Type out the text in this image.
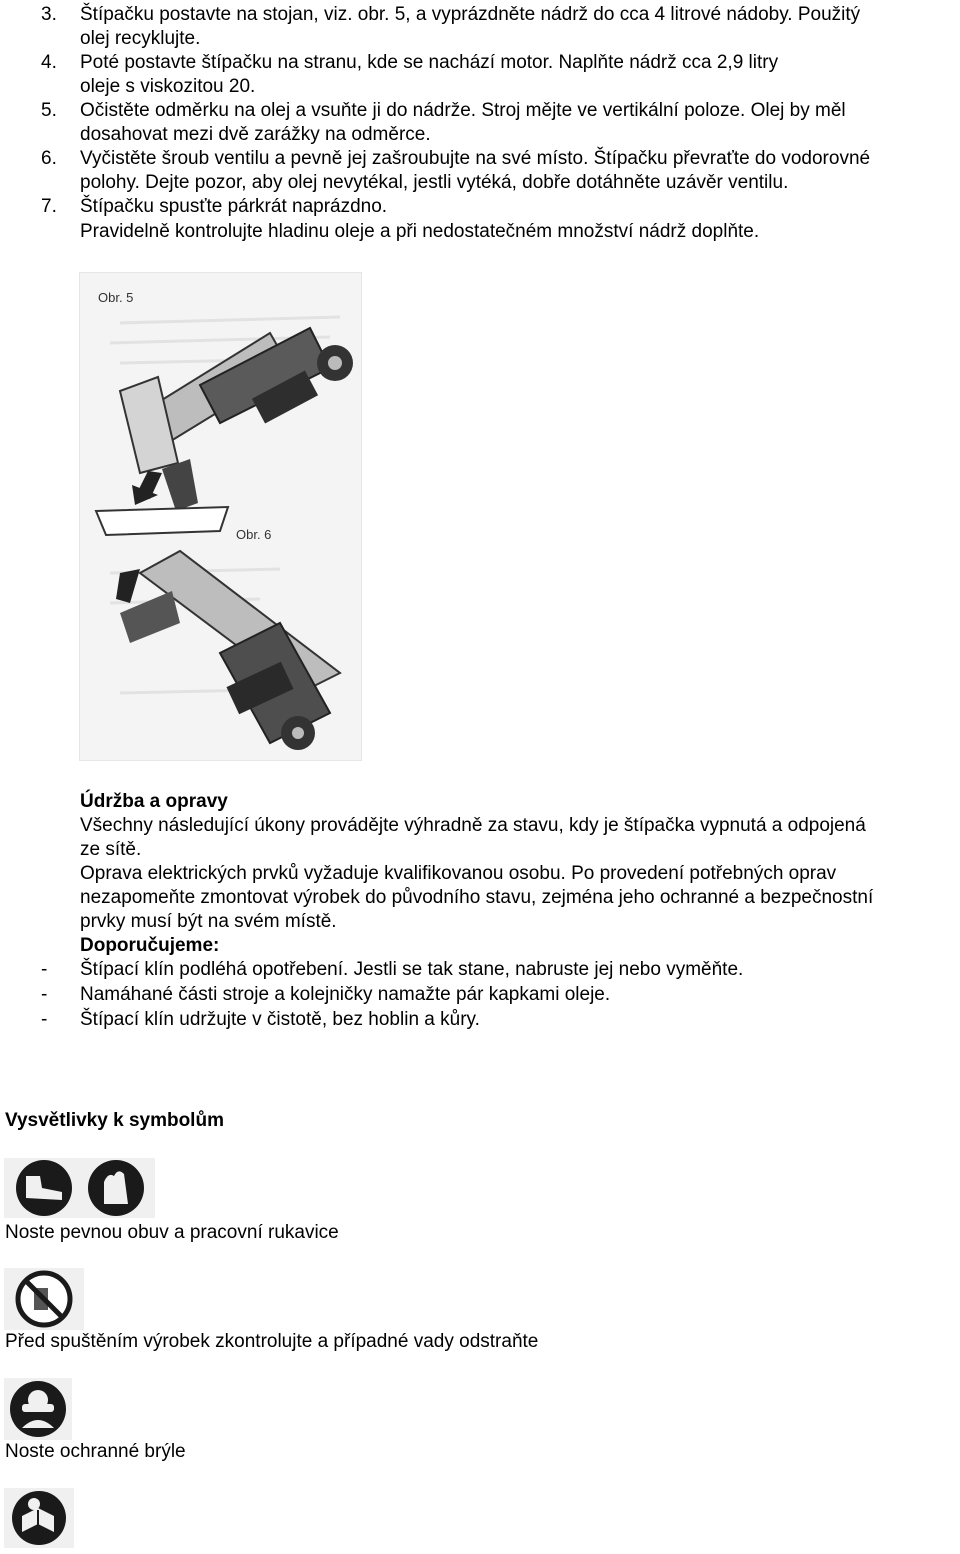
3.	Štípačku postavte na stojan, viz. obr. 5, a vyprázdněte nádrž do cca 4 litrové nádoby. Použitý
olej recyklujte.
4.	Poté postavte štípačku na stranu, kde se nachází motor. Naplňte nádrž cca 2,9 litry
oleje s viskozitou 20.
5.	Očistěte odměrku na olej a vsuňte ji do nádrže. Stroj mějte ve vertikální poloze. Olej by měl
dosahovat mezi dvě zarážky na odměrce.
6.	Vyčistěte šroub ventilu a pevně jej zašroubujte na své místo. Štípačku převraťte do vodorovné
polohy. Dejte pozor, aby olej nevytékal, jestli vytéká, dobře dotáhněte uzávěr ventilu.
7.	Štípačku spusťte párkrát naprázdno.
Pravidelně kontrolujte hladinu oleje a při nedostatečném množství nádrž doplňte.
Obr. 5
Obr. 6
Údržba a opravy
Všechny následující úkony provádějte výhradně za stavu, kdy je štípačka vypnutá a odpojená
ze sítě.
Oprava elektrických prvků vyžaduje kvalifikovanou osobu. Po provedení potřebných oprav
nezapomeňte zmontovat výrobek do původního stavu, zejména jeho ochranné a bezpečnostní
prvky musí být na svém místě.
Doporučujeme:
- Štípací klín podléhá opotřebení. Jestli se tak stane, nabruste jej nebo vyměňte.
- Namáhané části stroje a kolejničky namažte pár kapkami oleje.
- Štípací klín udržujte v čistotě, bez hoblin a kůry.
Vysvětlivky k symbolům
Noste pevnou obuv a pracovní rukavice
Před spuštěním výrobek zkontrolujte a případné vady odstraňte
Noste ochranné brýle
